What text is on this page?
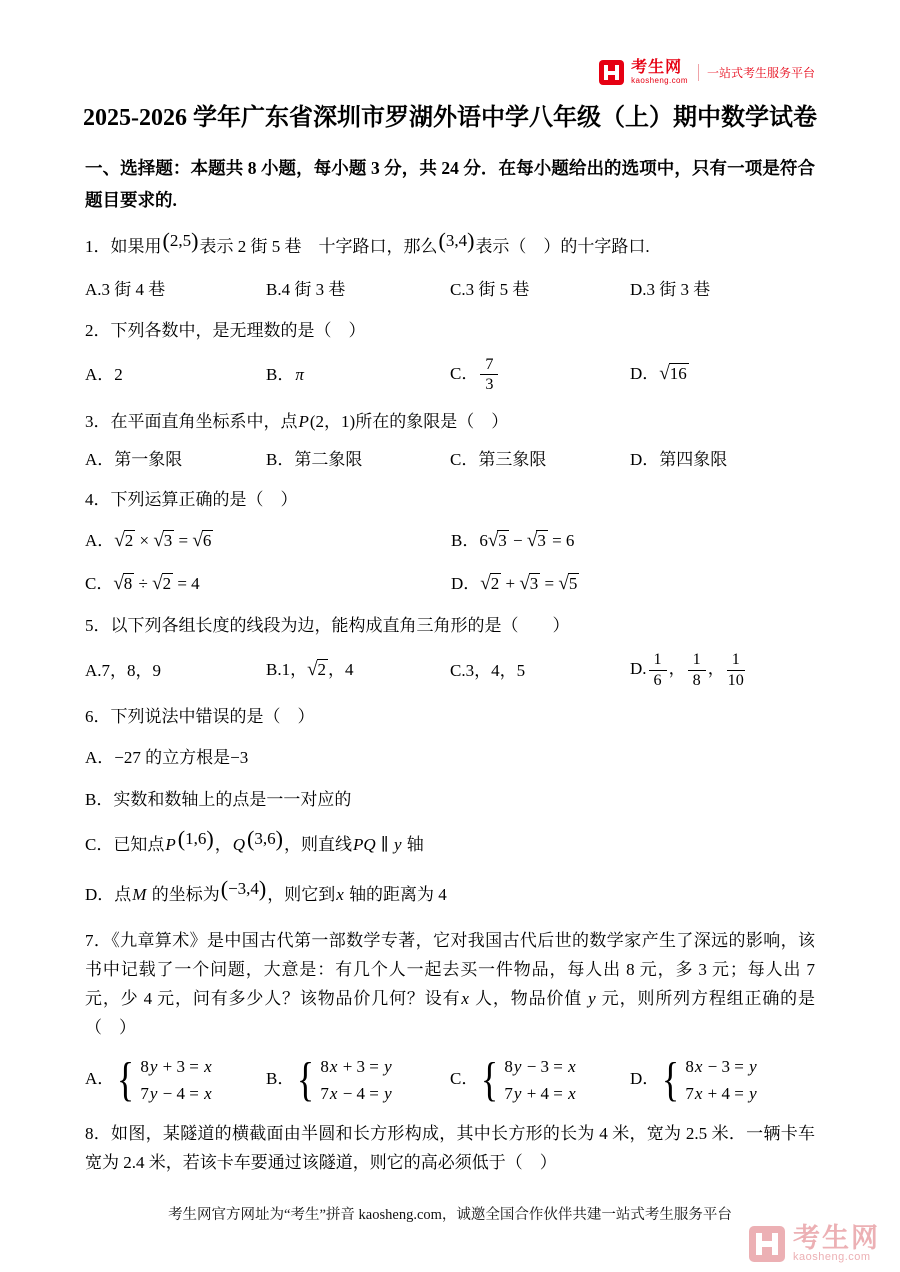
考生网
kaosheng.com
一站式考生服务平台
2025-2026 学年广东省深圳市罗湖外语中学八年级（上）期中数学试卷
一、选择题：本题共 8 小题，每小题 3 分，共 24 分．在每小题给出的选项中，只有一项是符合题目要求的.
1．如果用(2,5)表示 2 街 5 巷　十字路口，那么(3,4)表示（　）的十字路口.
A.3 街 4 巷	B.4 街 3 巷	C.3 街 5 巷	D.3 街 3 巷
2．下列各数中，是无理数的是（　）
A．2	B．π	C． $\frac{7}{3}$	D．√16
3．在平面直角坐标系中，点P(2，1)所在的象限是（　）
A．第一象限	B．第二象限	C．第三象限	D．第四象限
4．下列运算正确的是（　）
A．√2 × √3 = √6	B．6√3 − √3 = 6
C．√8 ÷ √2 = 4	D．√2 + √3 = √5
5．以下列各组长度的线段为边，能构成直角三角形的是（　　）
A.7，8，9	B.1，√2 ，4	C.3，4，5	D. $\frac{1}{6}$ ， $\frac{1}{8}$ ， $\frac{1}{10}$
6．下列说法中错误的是（　）
A．−27 的立方根是−3
B．实数和数轴上的点是一一对应的
C．已知点P(1,6)，Q(3,6)，则直线PQ ∥ y 轴
D．点M 的坐标为(−3,4)，则它到x 轴的距离为 4
7．《九章算术》是中国古代第一部数学专著，它对我国古代后世的数学家产生了深远的影响，该书中记载了一个问题，大意是：有几个人一起去买一件物品，每人出 8 元，多 3 元；每人出 7 元，少 4 元，问有多少人？该物品价几何？设有x 人，物品价值 y 元，则所列方程组正确的是（　）
A． { 8y + 3 = x
7y − 4 = x
B． { 8x + 3 = y
7x − 4 = y
C． { 8y − 3 = x
7y + 4 = x
D． { 8x − 3 = y
7x + 4 = y
8．如图，某隧道的横截面由半圆和长方形构成，其中长方形的长为 4 米，宽为 2.5 米．一辆卡车宽为 2.4 米，若该卡车要通过该隧道，则它的高必须低于（　）
考生网官方网址为“考生”拼音 kaosheng.com，诚邀全国合作伙伴共建一站式考生服务平台
考生网
kaosheng.com
